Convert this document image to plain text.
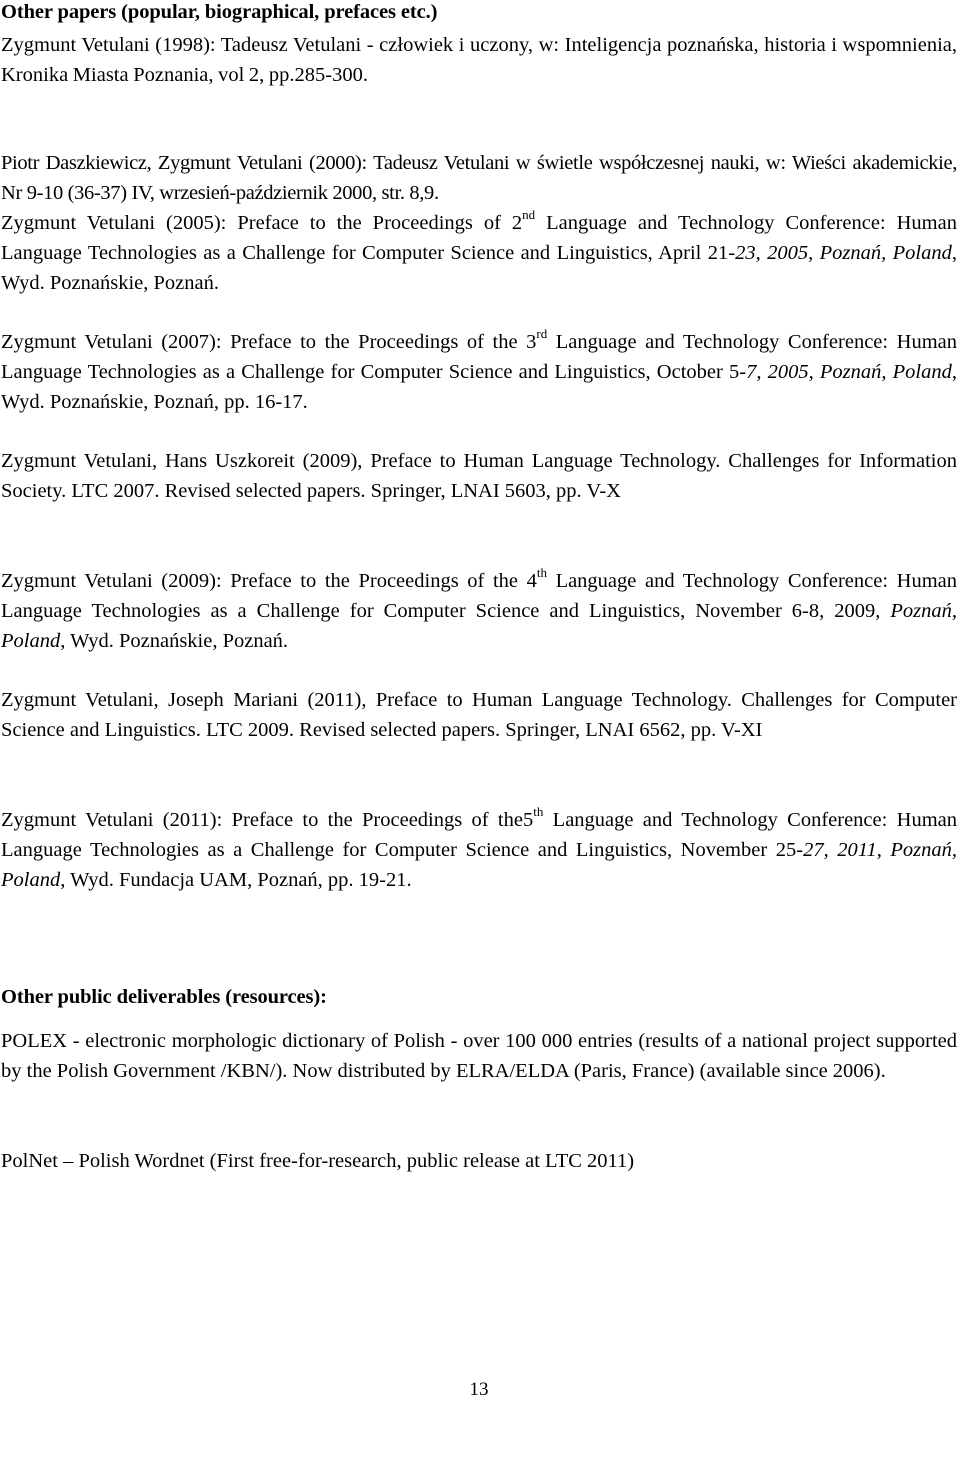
Other papers (popular, biographical, prefaces etc.)

Zygmunt Vetulani (1998): Tadeusz Vetulani - człowiek i uczony, w: Inteligencja poznańska, historia i wspomnienia, Kronika Miasta Poznania, vol 2, pp.285-300.

Piotr Daszkiewicz, Zygmunt Vetulani (2000): Tadeusz Vetulani w świetle współczesnej nauki, w: Wieści akademickie, Nr 9-10 (36-37) IV, wrzesień-październik 2000, str. 8,9.

Zygmunt Vetulani (2005): Preface to the Proceedings of 2nd Language and Technology Conference: Human Language Technologies as a Challenge for Computer Science and Linguistics, April 21-23, 2005, Poznań, Poland, Wyd. Poznańskie, Poznań.

Zygmunt Vetulani (2007): Preface to the Proceedings of the 3rd Language and Technology Conference: Human Language Technologies as a Challenge for Computer Science and Linguistics, October 5-7, 2005, Poznań, Poland, Wyd. Poznańskie, Poznań, pp. 16-17.

Zygmunt Vetulani, Hans Uszkoreit (2009), Preface to Human Language Technology. Challenges for Information Society. LTC 2007. Revised selected papers. Springer, LNAI 5603, pp. V-X

Zygmunt Vetulani (2009): Preface to the Proceedings of the 4th Language and Technology Conference: Human Language Technologies as a Challenge for Computer Science and Linguistics, November 6-8, 2009, Poznań, Poland, Wyd. Poznańskie, Poznań.

Zygmunt Vetulani, Joseph Mariani (2011), Preface to Human Language Technology. Challenges for Computer Science and Linguistics. LTC 2009. Revised selected papers. Springer, LNAI 6562, pp. V-XI

Zygmunt Vetulani (2011): Preface to the Proceedings of the5th Language and Technology Conference: Human Language Technologies as a Challenge for Computer Science and Linguistics, November 25-27, 2011, Poznań, Poland, Wyd. Fundacja UAM, Poznań, pp. 19-21.

Other public deliverables (resources):

POLEX - electronic morphologic dictionary of Polish - over 100 000 entries (results of a national project supported by the Polish Government /KBN/). Now distributed by ELRA/ELDA (Paris, France) (available since 2006).

PolNet – Polish Wordnet (First free-for-research, public release at LTC 2011)

13
